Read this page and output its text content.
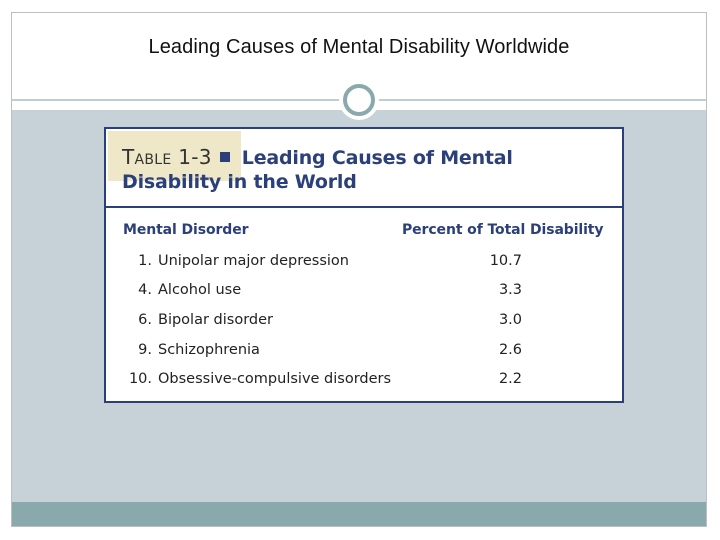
Leading Causes of Mental Disability Worldwide
Table 1-3 Leading Causes of Mental Disability in the World
Mental Disorder	Percent of Total Disability
1. Unipolar major depression	10.7
4. Alcohol use	3.3
6. Bipolar disorder	3.0
9. Schizophrenia	2.6
10. Obsessive-compulsive disorders	2.2
